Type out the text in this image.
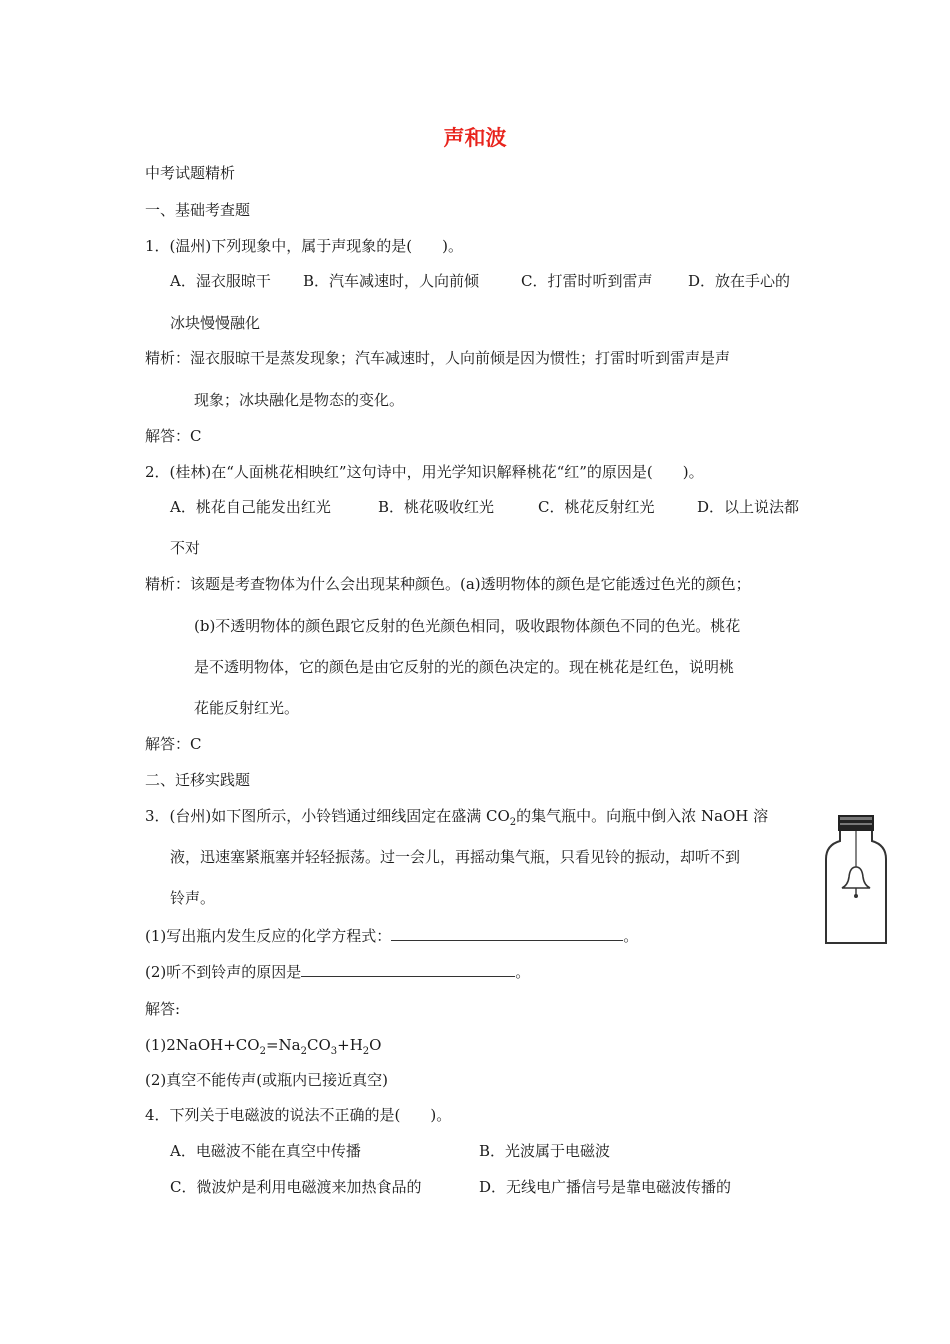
声和波
中考试题精析
一、基础考查题
1．(温州)下列现象中，属于声现象的是(　　)。
A．湿衣服晾干 B．汽车减速时，人向前倾	C．打雷时听到雷声 D．放在手心的
冰块慢慢融化
精析：湿衣服晾干是蒸发现象；汽车减速时，人向前倾是因为惯性；打雷时听到雷声是声
现象；冰块融化是物态的变化。
解答：C
2．(桂林)在“人面桃花相映红”这句诗中，用光学知识解释桃花“红”的原因是(　　)。
A．桃花自己能发出红光	B．桃花吸收红光	C．桃花反射红光	D．以上说法都
不对
精析：该题是考查物体为什么会出现某种颜色。(a)透明物体的颜色是它能透过色光的颜色；
(b)不透明物体的颜色跟它反射的色光颜色相同，吸收跟物体颜色不同的色光。桃花
是不透明物体，它的颜色是由它反射的光的颜色决定的。现在桃花是红色，说明桃
花能反射红光。
解答：C
二、迁移实践题
3．(台州)如下图所示，小铃铛通过细线固定在盛满 $CO_2$的集气瓶中。向瓶中倒入浓 NaOH 溶
液，迅速塞紧瓶塞并轻轻振荡。过一会儿，再摇动集气瓶，只看见铃的振动，却听不到
铃声。
(1)写出瓶内发生反应的化学方程式：	。
(2)听不到铃声的原因是	。
解答:
$(1)2NaOH+CO_2=Na_2CO_3+H_2O$
(2)真空不能传声(或瓶内已接近真空)
4．下列关于电磁波的说法不正确的是(　　)。
A．电磁波不能在真空中传播	B．光波属于电磁波
C．微波炉是利用电磁渡来加热食品的	D．无线电广播信号是靠电磁波传播的
